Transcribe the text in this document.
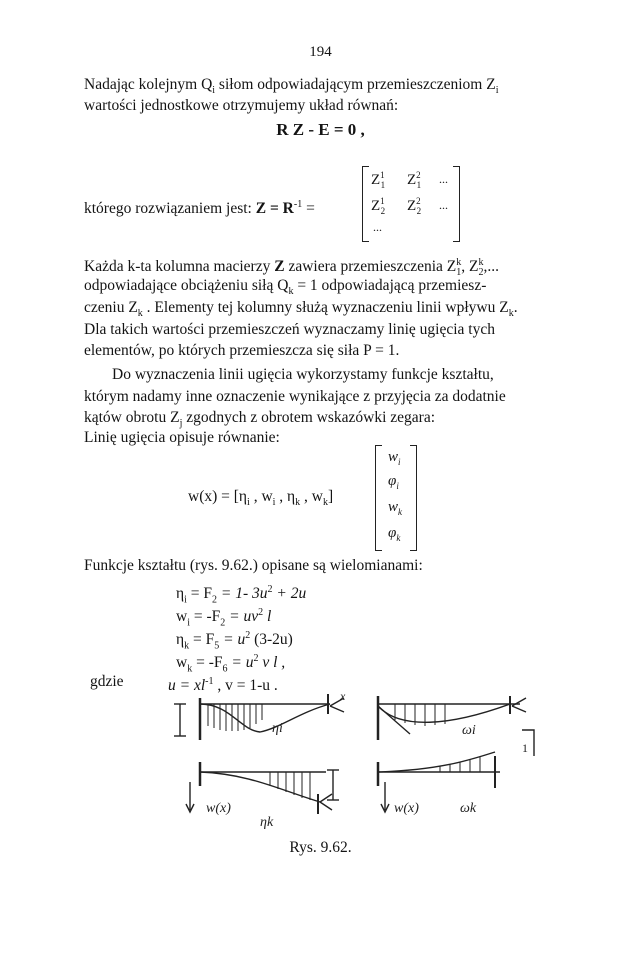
194
Nadając kolejnym $Q_i$ siłom odpowiadającym przemieszczeniom $Z_i$
wartości jednostkowe otrzymujemy układ równań:
R Z - E = 0 ,
którego rozwiązaniem jest: $Z = R^{-1}$ =
$Z^1_1$ $Z^2_1$ ...
$Z^1_2$ $Z^2_2$ ...
...
Każda k-ta kolumna macierzy Z zawiera przemieszczenia $Z^k_1$, $Z^k_2$,...
odpowiadające obciążeniu siłą $Q_k = 1$ odpowiadającą przemiesz-
czeniu $Z_k$ . Elementy tej kolumny służą wyznaczeniu linii wpływu $Z_k$.
Dla takich wartości przemieszczeń wyznaczamy linię ugięcia tych
elementów, po których przemieszcza się siła P = 1.
Do wyznaczenia linii ugięcia wykorzystamy funkcje kształtu,
którym nadamy inne oznaczenie wynikające z przyjęcia za dodatnie
kątów obrotu $Z_j$ zgodnych z obrotem wskazówki zegara:
Linię ugięcia opisuje równanie:
$w(x) = [\eta_i$ , $w_i$ , $\eta_k$ , $w_k$]
$w_i$
$\varphi_i$
$w_k$
$\varphi_k$
Funkcje kształtu (rys. 9.62.) opisane są wielomianami:
$\eta_i = F_2 = 1-$ $3u^2 + 2u$
$w_i = -F_2 = uv^2$ l
$\eta_k = F_5 = u^2$ (3-2u)
$w_k = -F_6 = u^2$ v l ,
gdzie	$u = xl^{-1}$ , v = 1-u .
ηi	ωi
ηk
ωk
w(x)	w(x)
1
x
Rys. 9.62.
